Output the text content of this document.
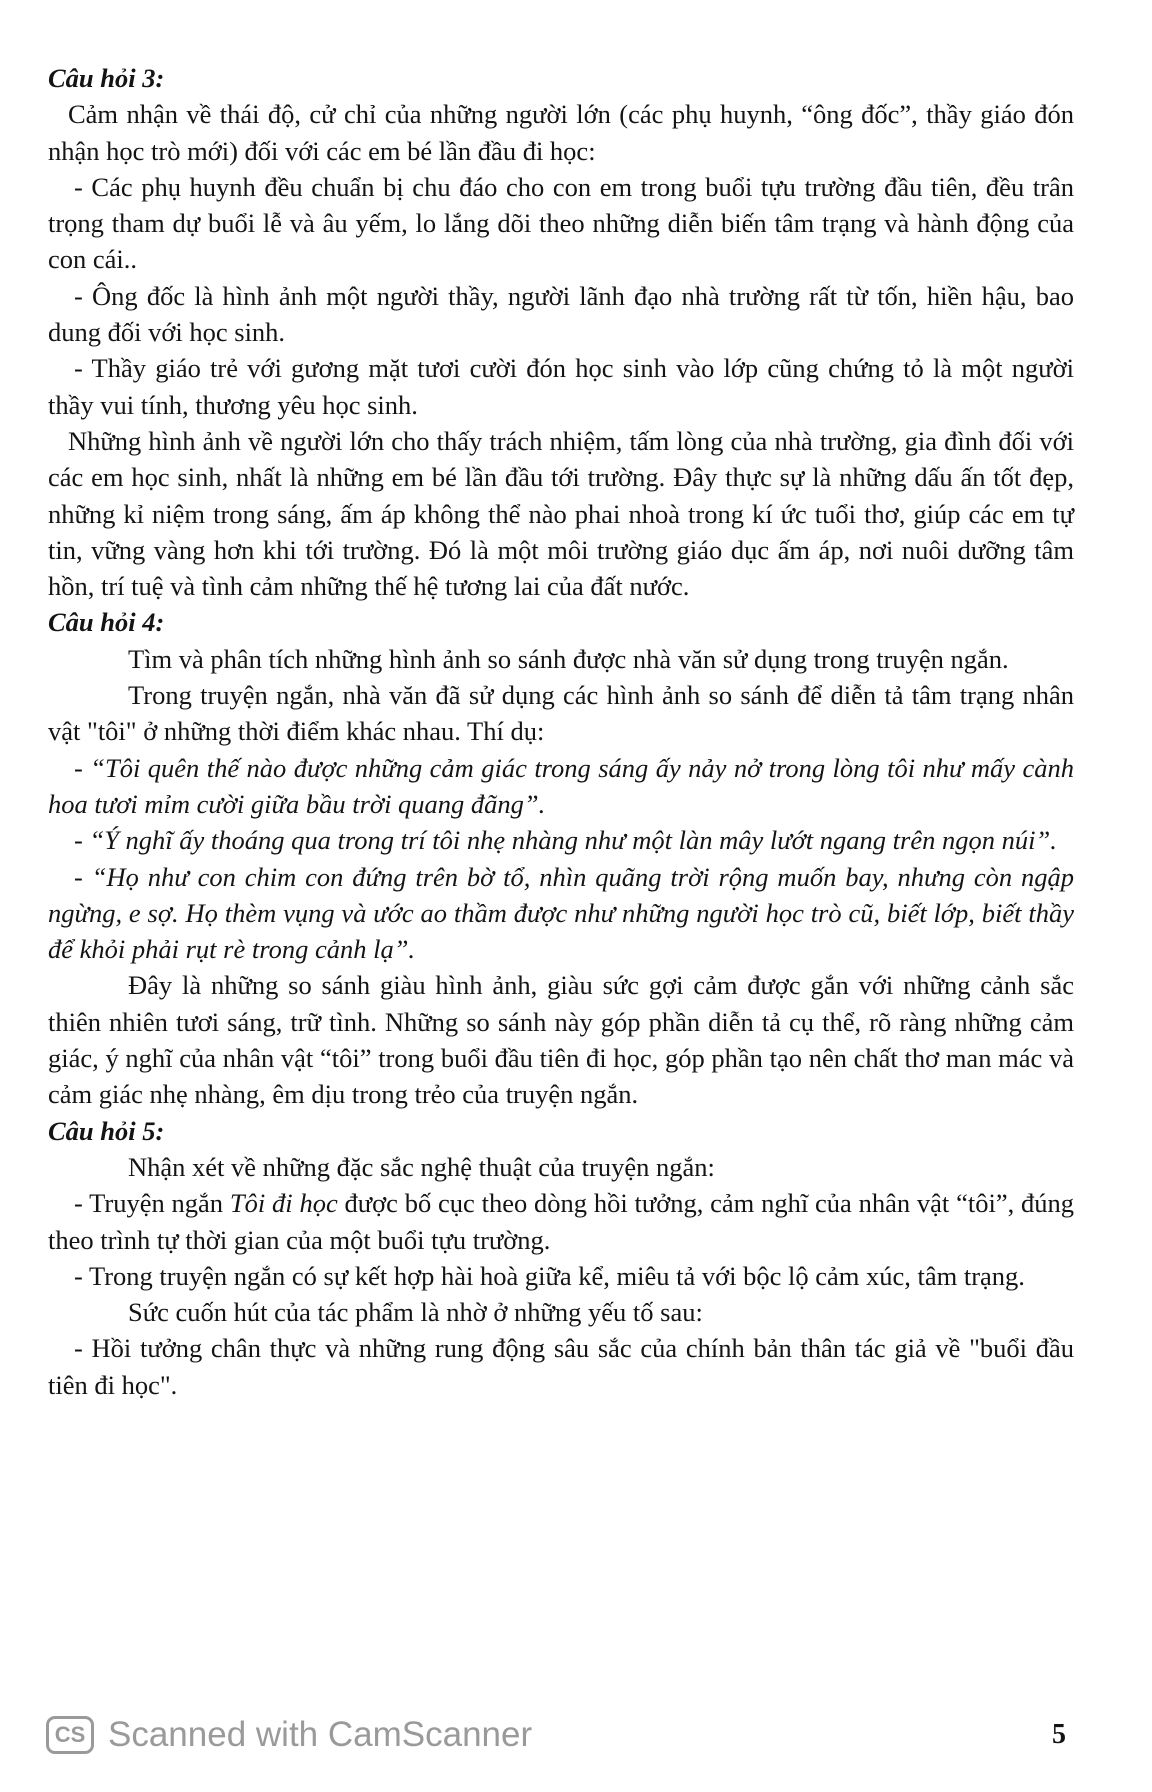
Câu hỏi 3:

Cảm nhận về thái độ, cử chỉ của những người lớn (các phụ huynh, “ông đốc”, thầy giáo đón nhận học trò mới) đối với các em bé lần đầu đi học:

- Các phụ huynh đều chuẩn bị chu đáo cho con em trong buổi tựu trường đầu tiên, đều trân trọng tham dự buổi lễ và âu yếm, lo lắng dõi theo những diễn biến tâm trạng và hành động của con cái..

- Ông đốc là hình ảnh một người thầy, người lãnh đạo nhà trường rất từ tốn, hiền hậu, bao dung đối với học sinh.

- Thầy giáo trẻ với gương mặt tươi cười đón học sinh vào lớp cũng chứng tỏ là một người thầy vui tính, thương yêu học sinh.

Những hình ảnh về người lớn cho thấy trách nhiệm, tấm lòng của nhà trường, gia đình đối với các em học sinh, nhất là những em bé lần đầu tới trường. Đây thực sự là những dấu ấn tốt đẹp, những kỉ niệm trong sáng, ấm áp không thể nào phai nhoà trong kí ức tuổi thơ, giúp các em tự tin, vững vàng hơn khi tới trường. Đó là một môi trường giáo dục ấm áp, nơi nuôi dưỡng tâm hồn, trí tuệ và tình cảm những thế hệ tương lai của đất nước.

Câu hỏi 4:

Tìm và phân tích những hình ảnh so sánh được nhà văn sử dụng trong truyện ngắn.

Trong truyện ngắn, nhà văn đã sử dụng các hình ảnh so sánh để diễn tả tâm trạng nhân vật "tôi" ở những thời điểm khác nhau. Thí dụ:

- “Tôi quên thế nào được những cảm giác trong sáng ấy nảy nở trong lòng tôi như mấy cành hoa tươi mỉm cười giữa bầu trời quang đãng”.

- “Ý nghĩ ấy thoáng qua trong trí tôi nhẹ nhàng như một làn mây lướt ngang trên ngọn núi”.

- “Họ như con chim con đứng trên bờ tổ, nhìn quãng trời rộng muốn bay, nhưng còn ngập ngừng, e sợ. Họ thèm vụng và ước ao thầm được như những người học trò cũ, biết lớp, biết thầy để khỏi phải rụt rè trong cảnh lạ”.

Đây là những so sánh giàu hình ảnh, giàu sức gợi cảm được gắn với những cảnh sắc thiên nhiên tươi sáng, trữ tình. Những so sánh này góp phần diễn tả cụ thể, rõ ràng những cảm giác, ý nghĩ của nhân vật “tôi” trong buổi đầu tiên đi học, góp phần tạo nên chất thơ man mác và cảm giác nhẹ nhàng, êm dịu trong trẻo của truyện ngắn.

Câu hỏi 5:

Nhận xét về những đặc sắc nghệ thuật của truyện ngắn:

- Truyện ngắn Tôi đi học được bố cục theo dòng hồi tưởng, cảm nghĩ của nhân vật “tôi”, đúng theo trình tự thời gian của một buổi tựu trường.

- Trong truyện ngắn có sự kết hợp hài hoà giữa kể, miêu tả với bộc lộ cảm xúc, tâm trạng.

Sức cuốn hút của tác phẩm là nhờ ở những yếu tố sau:

- Hồi tưởng chân thực và những rung động sâu sắc của chính bản thân tác giả về "buổi đầu tiên đi học".

CS Scanned with CamScanner	5
